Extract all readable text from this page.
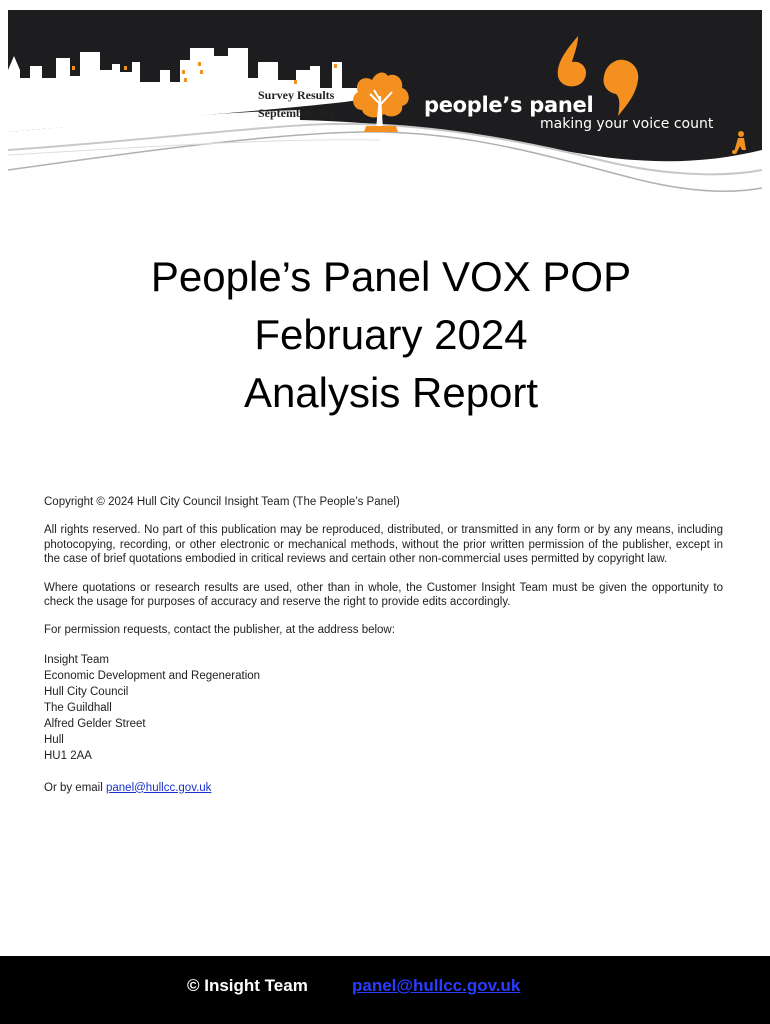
Survey Results
September 2013	people’s panel
making your voice count
People’s Panel VOX POP
February 2024
Analysis Report

Copyright © 2024 Hull City Council Insight Team (The People’s Panel)

All rights reserved. No part of this publication may be reproduced, distributed, or transmitted in any form or by any means, including photocopying, recording, or other electronic or mechanical methods, without the prior written permission of the publisher, except in the case of brief quotations embodied in critical reviews and certain other non-commercial uses permitted by copyright law.

Where quotations or research results are used, other than in whole, the Customer Insight Team must be given the opportunity to check the usage for purposes of accuracy and reserve the right to provide edits accordingly.

For permission requests, contact the publisher, at the address below:

Insight Team
Economic Development and Regeneration
Hull City Council
The Guildhall
Alfred Gelder Street
Hull
HU1 2AA

Or by email panel@hullcc.gov.uk

© Insight Team	panel@hullcc.gov.uk
